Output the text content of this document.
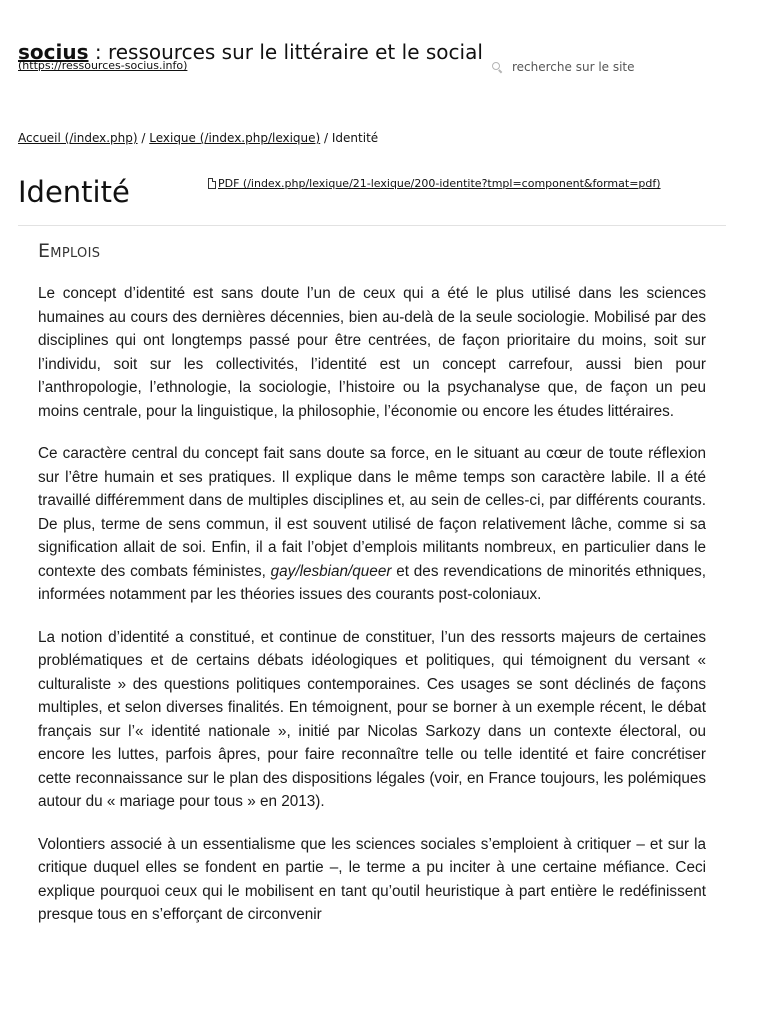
socius : ressources sur le littéraire et le social
(https://ressources-socius.info)
recherche sur le site
Accueil (/index.php) / Lexique (/index.php/lexique) / Identité
Identité	PDF (/index.php/lexique/21-lexique/200-identite?tmpl=component&format=pdf)
Emplois

Le concept d’identité est sans doute l’un de ceux qui a été le plus utilisé dans les sciences humaines au cours des dernières décennies, bien au-delà de la seule sociologie. Mobilisé par des disciplines qui ont longtemps passé pour être centrées, de façon prioritaire du moins, soit sur l’individu, soit sur les collectivités, l’identité est un concept carrefour, aussi bien pour l’anthropologie, l’ethnologie, la sociologie, l’histoire ou la psychanalyse que, de façon un peu moins centrale, pour la linguistique, la philosophie, l’économie ou encore les études littéraires.

Ce caractère central du concept fait sans doute sa force, en le situant au cœur de toute réflexion sur l’être humain et ses pratiques. Il explique dans le même temps son caractère labile. Il a été travaillé différemment dans de multiples disciplines et, au sein de celles-ci, par différents courants. De plus, terme de sens commun, il est souvent utilisé de façon relativement lâche, comme si sa signification allait de soi. Enfin, il a fait l’objet d’emplois militants nombreux, en particulier dans le contexte des combats féministes, gay/lesbian/queer et des revendications de minorités ethniques, informées notamment par les théories issues des courants post-coloniaux.

La notion d’identité a constitué, et continue de constituer, l’un des ressorts majeurs de certaines problématiques et de certains débats idéologiques et politiques, qui témoignent du versant « culturaliste » des questions politiques contemporaines. Ces usages se sont déclinés de façons multiples, et selon diverses finalités. En témoignent, pour se borner à un exemple récent, le débat français sur l’« identité nationale », initié par Nicolas Sarkozy dans un contexte électoral, ou encore les luttes, parfois âpres, pour faire reconnaître telle ou telle identité et faire concrétiser cette reconnaissance sur le plan des dispositions légales (voir, en France toujours, les polémiques autour du « mariage pour tous » en 2013).

Volontiers associé à un essentialisme que les sciences sociales s’emploient à critiquer – et sur la critique duquel elles se fondent en partie –, le terme a pu inciter à une certaine méfiance. Ceci explique pourquoi ceux qui le mobilisent en tant qu’outil heuristique à part entière le redéfinissent presque tous en s’efforçant de circonvenir
